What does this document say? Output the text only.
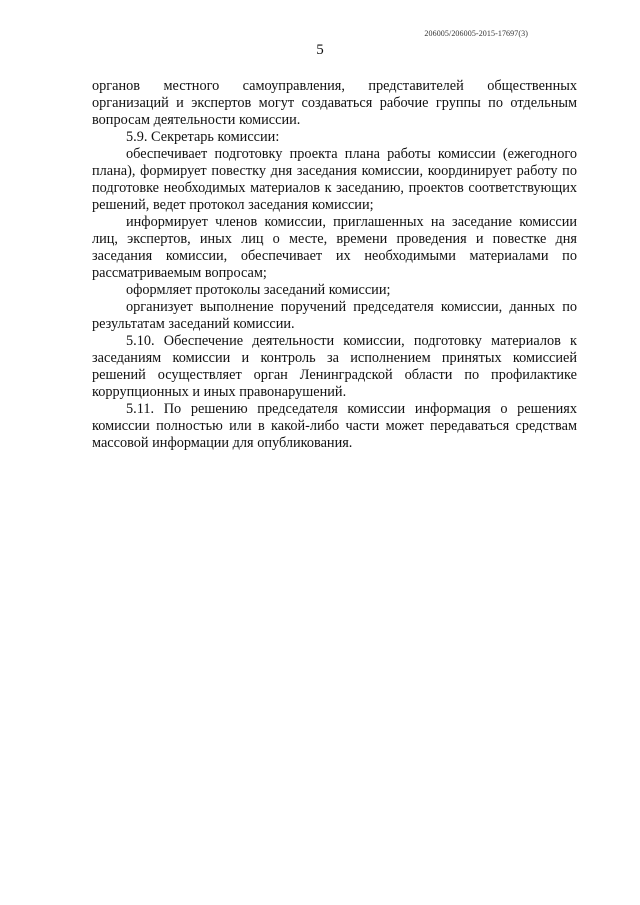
206005/206005-2015-17697(3)
5

органов местного самоуправления, представителей общественных организаций и экспертов могут создаваться рабочие группы по отдельным вопросам деятельности комиссии.

5.9. Секретарь комиссии:

обеспечивает подготовку проекта плана работы комиссии (ежегодного плана), формирует повестку дня заседания комиссии, координирует работу по подготовке необходимых материалов к заседанию, проектов соответствующих решений, ведет протокол заседания комиссии;

информирует членов комиссии, приглашенных на заседание комиссии лиц, экспертов, иных лиц о месте, времени проведения и повестке дня заседания комиссии, обеспечивает их необходимыми материалами по рассматриваемым вопросам;

оформляет протоколы заседаний комиссии;

организует выполнение поручений председателя комиссии, данных по результатам заседаний комиссии.

5.10. Обеспечение деятельности комиссии, подготовку материалов к заседаниям комиссии и контроль за исполнением принятых комиссией решений осуществляет орган Ленинградской области по профилактике коррупционных и иных правонарушений.

5.11. По решению председателя комиссии информация о решениях комиссии полностью или в какой-либо части может передаваться средствам массовой информации для опубликования.
